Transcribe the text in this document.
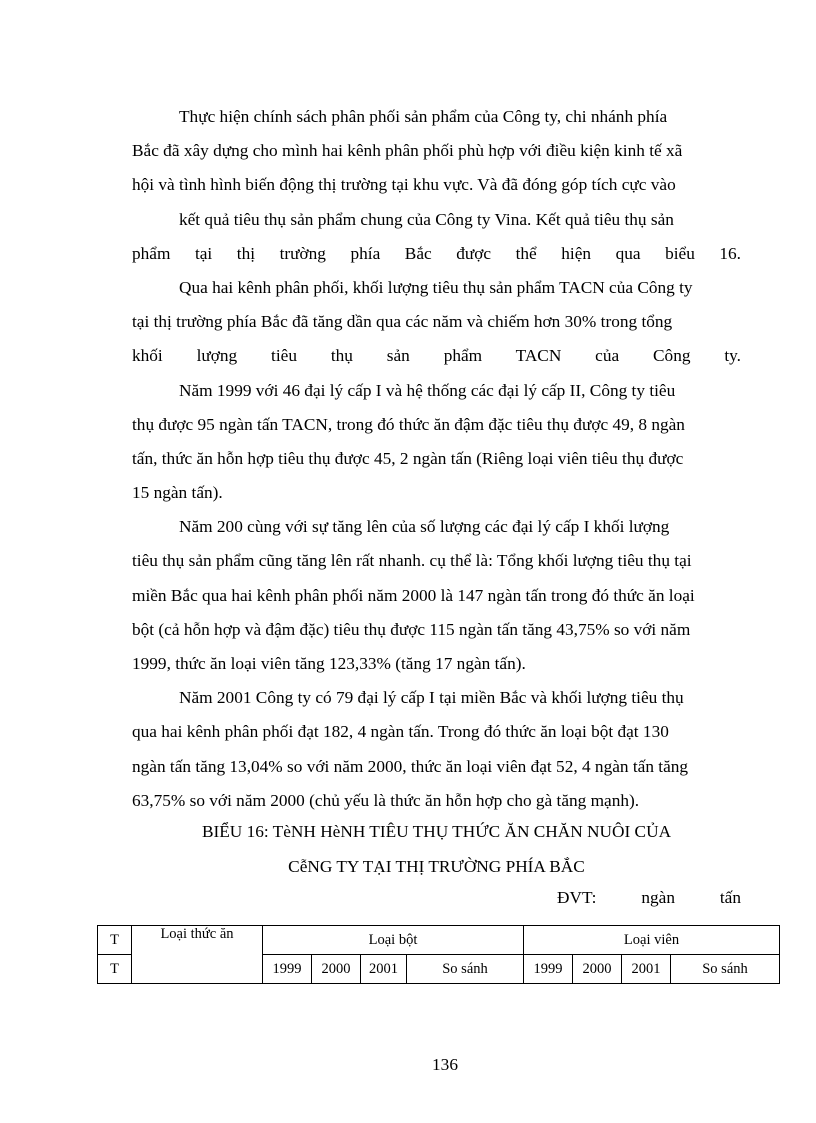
Thực hiện chính sách phân phối sản phẩm của Công ty, chi nhánh phía
Bắc đã xây dựng cho mình hai kênh phân phối phù hợp với điều kiện kinh tế xã
hội và tình hình biến động thị trường tại khu vực. Và đã đóng góp tích cực vào
kết quả tiêu thụ sản phẩm chung của Công ty Vina. Kết quả tiêu thụ sản
phẩm tại thị trường phía Bắc được thể hiện qua biểu 16.
Qua hai kênh phân phối, khối lượng tiêu thụ sản phẩm TACN của Công ty
tại thị trường phía Bắc đã tăng dần qua các năm và chiếm hơn 30% trong tổng
khối lượng tiêu thụ sản phẩm TACN của Công ty.
Năm 1999 với 46 đại lý cấp I và hệ thống các đại lý cấp II, Công ty tiêu
thụ được 95 ngàn tấn TACN, trong đó thức ăn đậm đặc tiêu thụ được 49, 8 ngàn
tấn, thức ăn hỗn hợp tiêu thụ được 45, 2 ngàn tấn (Riêng loại viên tiêu thụ được
15 ngàn tấn).
Năm 200 cùng với sự tăng lên của số lượng các đại lý cấp I khối lượng
tiêu thụ sản phẩm cũng tăng lên rất nhanh. cụ thể là: Tổng khối lượng tiêu thụ tại
miền Bắc qua hai kênh phân phối năm 2000 là 147 ngàn tấn trong đó thức ăn loại
bột (cả hỗn hợp và đậm đặc) tiêu thụ được 115 ngàn tấn tăng 43,75% so với năm
1999, thức ăn loại viên tăng 123,33% (tăng 17 ngàn tấn).
Năm 2001 Công ty có 79 đại lý cấp I tại miền Bắc và khối lượng tiêu thụ
qua hai kênh phân phối đạt 182, 4 ngàn tấn. Trong đó thức ăn loại bột đạt 130
ngàn tấn tăng 13,04% so với năm 2000, thức ăn loại viên đạt 52, 4 ngàn tấn tăng
63,75% so với năm 2000 (chủ yếu là thức ăn hỗn hợp cho gà tăng mạnh).
BIỂU 16: TèNH HèNH TIÊU THỤ THỨC ĂN CHĂN NUÔI CỦA
CễNG TY TẠI THỊ TRƯỜNG PHÍA BẮC
ĐVT: ngàn tấn
T	Loại thức ăn	Loại bột				Loại viên			
T		1999	2000	2001	So sánh	1999	2000	2001	So sánh
136
